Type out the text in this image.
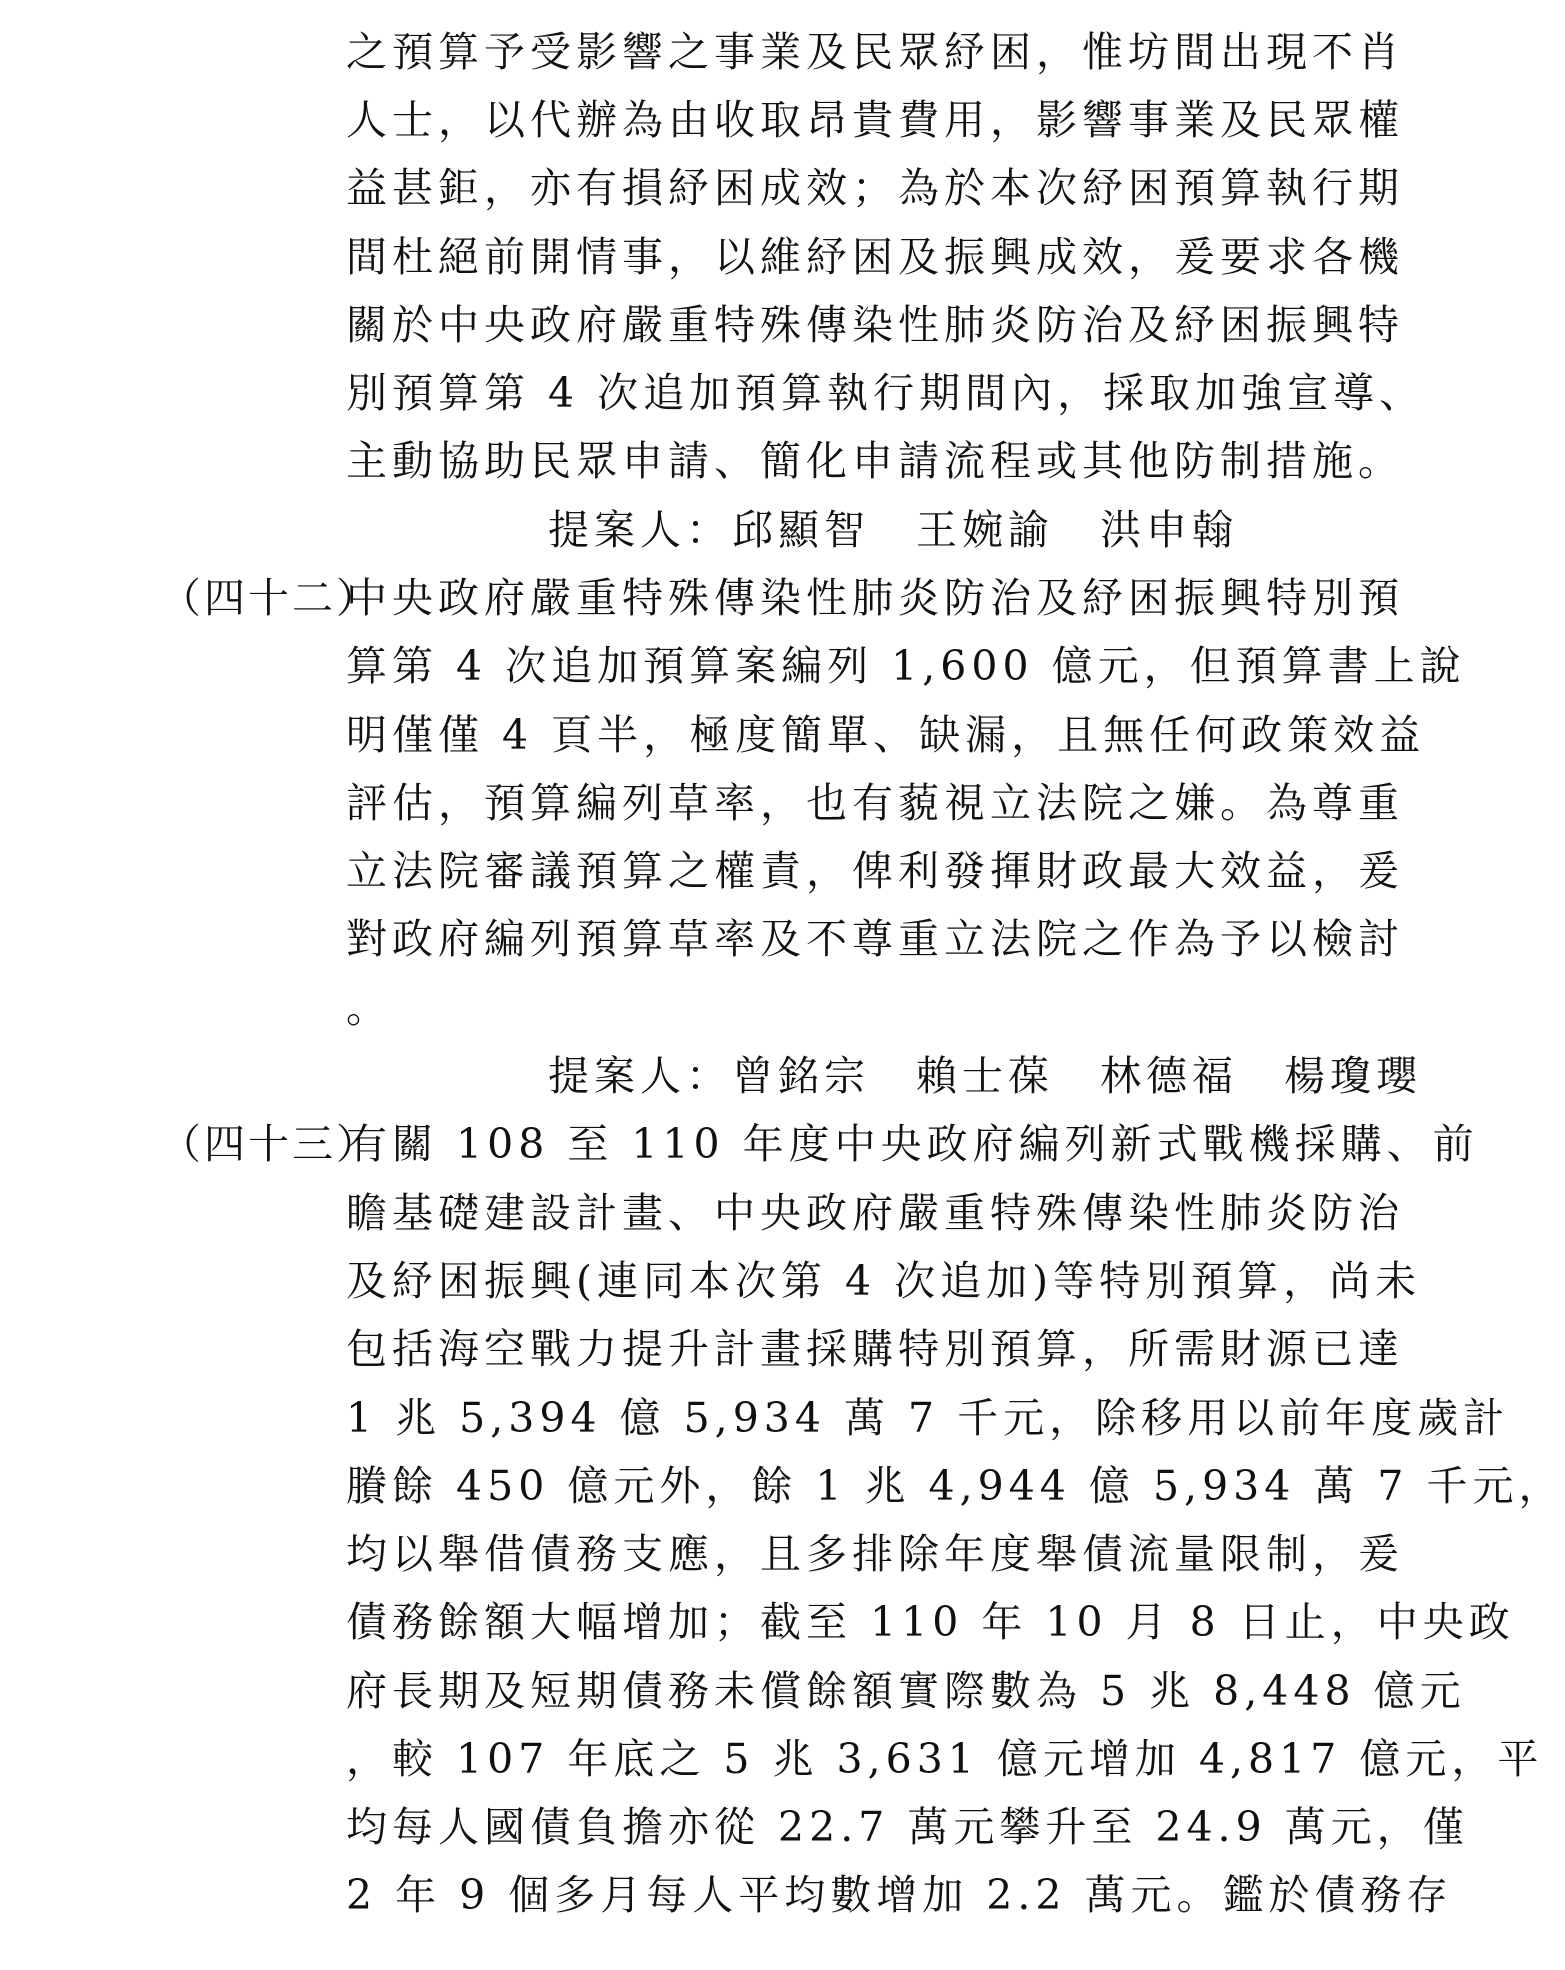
之預算予受影響之事業及民眾紓困，惟坊間出現不肖
人士，以代辦為由收取昂貴費用，影響事業及民眾權
益甚鉅，亦有損紓困成效；為於本次紓困預算執行期
間杜絕前開情事，以維紓困及振興成效，爰要求各機
關於中央政府嚴重特殊傳染性肺炎防治及紓困振興特
別預算第 4 次追加預算執行期間內，採取加強宣導、
主動協助民眾申請、簡化申請流程或其他防制措施。
提案人：邱顯智　王婉諭　洪申翰
（四十二）
中央政府嚴重特殊傳染性肺炎防治及紓困振興特別預
算第 4 次追加預算案編列 1,600 億元，但預算書上說
明僅僅 4 頁半，極度簡單、缺漏，且無任何政策效益
評估，預算編列草率，也有藐視立法院之嫌。為尊重
立法院審議預算之權責，俾利發揮財政最大效益，爰
對政府編列預算草率及不尊重立法院之作為予以檢討
。
提案人：曾銘宗　賴士葆　林德福　楊瓊瓔
（四十三）
有關 108 至 110 年度中央政府編列新式戰機採購、前
瞻基礎建設計畫、中央政府嚴重特殊傳染性肺炎防治
及紓困振興(連同本次第 4 次追加)等特別預算，尚未
包括海空戰力提升計畫採購特別預算，所需財源已達
1 兆 5,394 億 5,934 萬 7 千元，除移用以前年度歲計
賸餘 450 億元外，餘 1 兆 4,944 億 5,934 萬 7 千元，
均以舉借債務支應，且多排除年度舉債流量限制，爰
債務餘額大幅增加；截至 110 年 10 月 8 日止，中央政
府長期及短期債務未償餘額實際數為 5 兆 8,448 億元
，較 107 年底之 5 兆 3,631 億元增加 4,817 億元，平
均每人國債負擔亦從 22.7 萬元攀升至 24.9 萬元，僅
2 年 9 個多月每人平均數增加 2.2 萬元。鑑於債務存
